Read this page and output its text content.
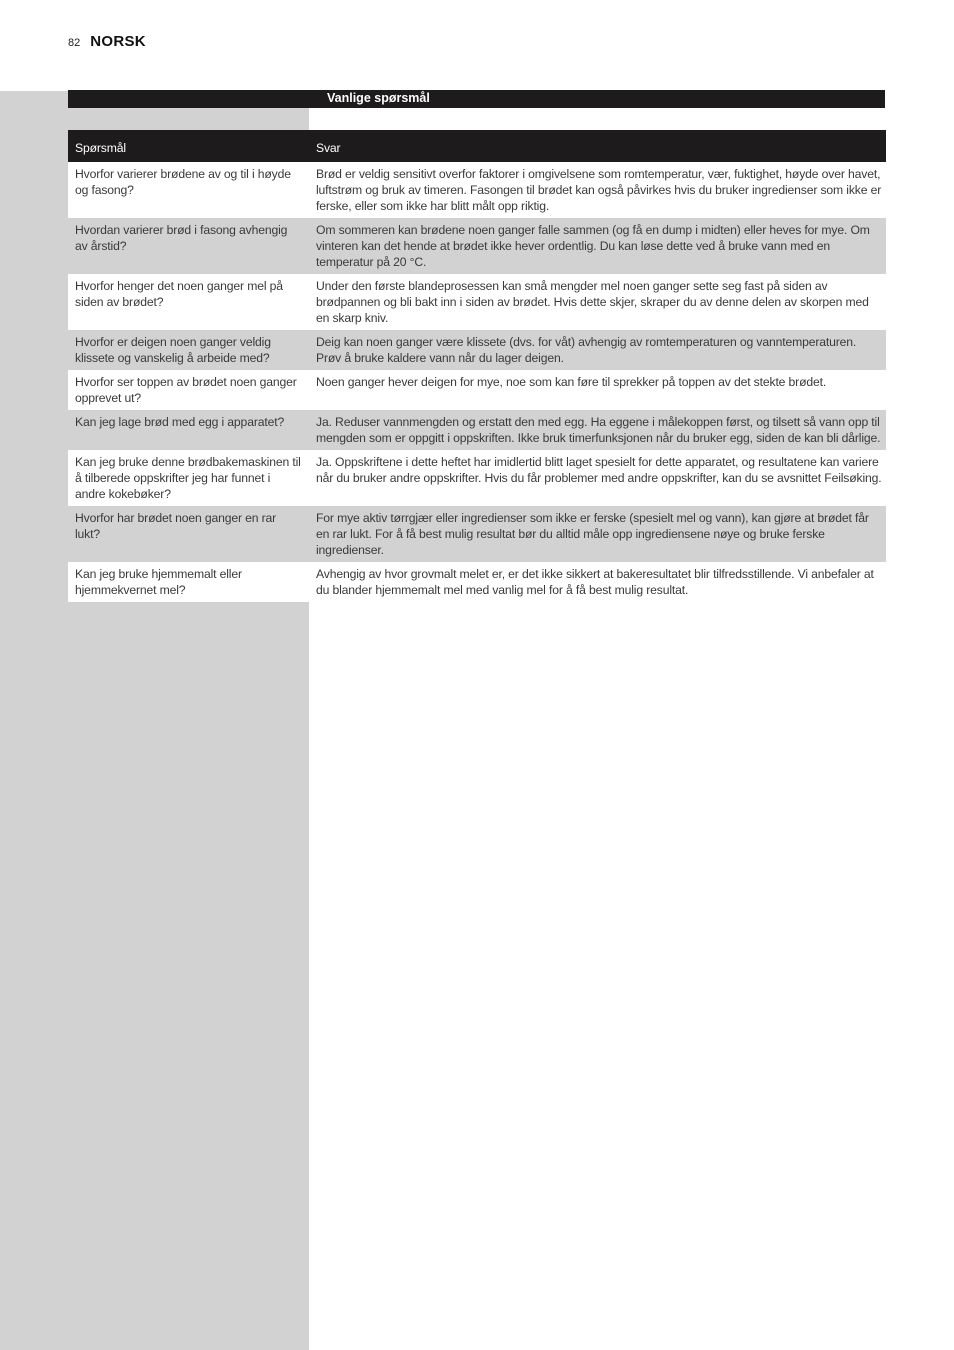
82 NORSK
Vanlige spørsmål
Spørsmål	Svar
Hvorfor varierer brødene av og til i høyde og fasong?	Brød er veldig sensitivt overfor faktorer i omgivelsene som romtemperatur, vær, fuktighet, høyde over havet, luftstrøm og bruk av timeren. Fasongen til brødet kan også påvirkes hvis du bruker ingredienser som ikke er ferske, eller som ikke har blitt målt opp riktig.
Hvordan varierer brød i fasong avhengig av årstid?	Om sommeren kan brødene noen ganger falle sammen (og få en dump i midten) eller heves for mye. Om vinteren kan det hende at brødet ikke hever ordentlig. Du kan løse dette ved å bruke vann med en temperatur på 20 °C.
Hvorfor henger det noen ganger mel på siden av brødet?	Under den første blandeprosessen kan små mengder mel noen ganger sette seg fast på siden av brødpannen og bli bakt inn i siden av brødet. Hvis dette skjer, skraper du av denne delen av skorpen med en skarp kniv.
Hvorfor er deigen noen ganger veldig klissete og vanskelig å arbeide med?	Deig kan noen ganger være klissete (dvs. for våt) avhengig av romtemperaturen og vanntemperaturen. Prøv å bruke kaldere vann når du lager deigen.
Hvorfor ser toppen av brødet noen ganger opprevet ut?	Noen ganger hever deigen for mye, noe som kan føre til sprekker på toppen av det stekte brødet.
Kan jeg lage brød med egg i apparatet?	Ja. Reduser vannmengden og erstatt den med egg. Ha eggene i målekoppen først, og tilsett så vann opp til mengden som er oppgitt i oppskriften. Ikke bruk timerfunksjonen når du bruker egg, siden de kan bli dårlige.
Kan jeg bruke denne brødbakemaskinen til å tilberede oppskrifter jeg har funnet i andre kokebøker?	Ja. Oppskriftene i dette heftet har imidlertid blitt laget spesielt for dette apparatet, og resultatene kan variere når du bruker andre oppskrifter. Hvis du får problemer med andre oppskrifter, kan du se avsnittet Feilsøking.
Hvorfor har brødet noen ganger en rar lukt?	For mye aktiv tørrgjær eller ingredienser som ikke er ferske (spesielt mel og vann), kan gjøre at brødet får en rar lukt. For å få best mulig resultat bør du alltid måle opp ingrediensene nøye og bruke ferske ingredienser.
Kan jeg bruke hjemmemalt eller hjemmekvernet mel?	Avhengig av hvor grovmalt melet er, er det ikke sikkert at bakeresultatet blir tilfredsstillende. Vi anbefaler at du blander hjemmemalt mel med vanlig mel for å få best mulig resultat.
